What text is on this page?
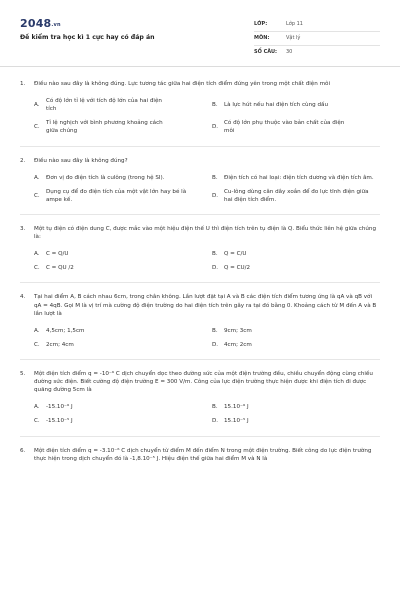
2048.vn
Đề kiểm tra học kì 1 cực hay có đáp án
LỚP:	Lớp 11
MÔN:	Vật lý
SỐ CÂU:	30
1.	Điều nào sau đây là không đúng. Lực tương tác giữa hai điện tích điểm đứng yên trong một chất điện môi
A.
Có độ lớn tỉ lệ với tích độ lớn của hai điện tích
B.	Là lực hút nếu hai điện tích cùng dấu
C.
Tỉ lệ nghịch với bình phương khoảng cách giữa chúng
D.
Có độ lớn phụ thuộc vào bản chất của điện môi
2.	Điều nào sau đây là không đúng?
A.	Đơn vị đo điện tích là culông (trong hệ SI).	B.	Điện tích có hai loại: điện tích dương và điện tích âm.
C.
Dụng cụ để đo điện tích của một vật lớn hay bé là ampe kế.
D.
Cu-lông dùng cân dây xoắn để đo lực tĩnh điện giữa hai điện tích điểm.
3.	Một tụ điện có điện dung C, được mắc vào một hiệu điện thế U thì điện tích trên tụ điện là Q. Biểu thức liên hệ giữa chúng là:
A.	C = Q/U	B.	Q = C/U
C.	C = QU /2	D.	Q = CU/2
4.	Tại hai điểm A, B cách nhau 6cm, trong chân không. Lần lượt đặt tại A và B các điện tích điểm tương ứng là qA và qB với qA = 4qB. Gọi M là vị trí mà cường độ điện trường do hai điện tích trên gây ra tại đó bằng 0. Khoảng cách từ M đến A và B lần lượt là
A.	4,5cm; 1,5cm	B.	9cm; 3cm
C.	2cm; 4cm	D.	4cm; 2cm
5.	Một điện tích điểm q = -10⁻⁶ C dịch chuyển dọc theo đường sức của một điện trường đều, chiều chuyển động cùng chiều đường sức điện. Biết cường độ điện trường E = 300 V/m. Công của lực điện trường thực hiện được khi điện tích đi được quãng đường 5cm là
A.	-15.10⁻⁶ J	B.	15.10⁻⁶ J
C.	-15.10⁻⁵ J	D.	15.10⁻⁵ J
6.	Một điện tích điểm q = -3.10⁻⁶ C dịch chuyển từ điểm M đến điểm N trong một điện trường. Biết công do lực điện trường thực hiện trong dịch chuyển đó là -1,8.10⁻⁵ J. Hiệu điện thế giữa hai điểm M và N là
